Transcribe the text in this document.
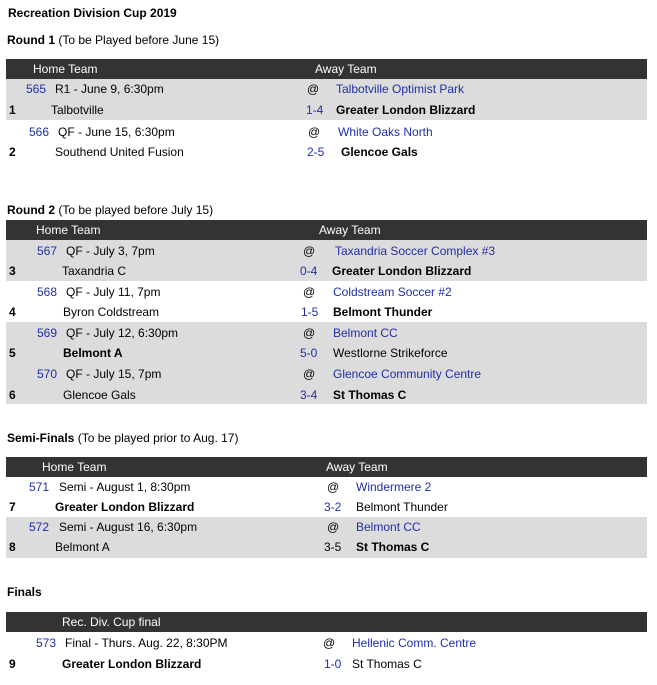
Recreation Division Cup 2019
Round 1 (To be Played before June 15)
Home Team	Away Team
565 R1 - June 9, 6:30pm	@ Talbotville Optimist Park
1	Talbotville	1-4 Greater London Blizzard
566 QF - June 15, 6:30pm	@ White Oaks North
2	Southend United Fusion	2-5 Glencoe Gals
Round 2 (To be played before July 15)
Home Team	Away Team
567 QF - July 3, 7pm	@ Taxandria Soccer Complex #3
3	Taxandria C	0-4 Greater London Blizzard
568 QF - July 11, 7pm	@ Coldstream Soccer #2
4	Byron Coldstream	1-5 Belmont Thunder
569 QF - July 12, 6:30pm	@ Belmont CC
5	Belmont A	5-0 Westlorne Strikeforce
570 QF - July 15, 7pm	@ Glencoe Community Centre
6	Glencoe Gals	3-4 St Thomas C
Semi-Finals (To be played prior to Aug. 17)
Home Team	Away Team
571 Semi - August 1, 8:30pm	@ Windermere 2
7	Greater London Blizzard	3-2 Belmont Thunder
572 Semi - August 16, 6:30pm	@ Belmont CC
8	Belmont A	3-5 St Thomas C
Finals
Rec. Div. Cup final
573 Final - Thurs. Aug. 22, 8:30PM	@ Hellenic Comm. Centre
9	Greater London Blizzard	1-0 St Thomas C
